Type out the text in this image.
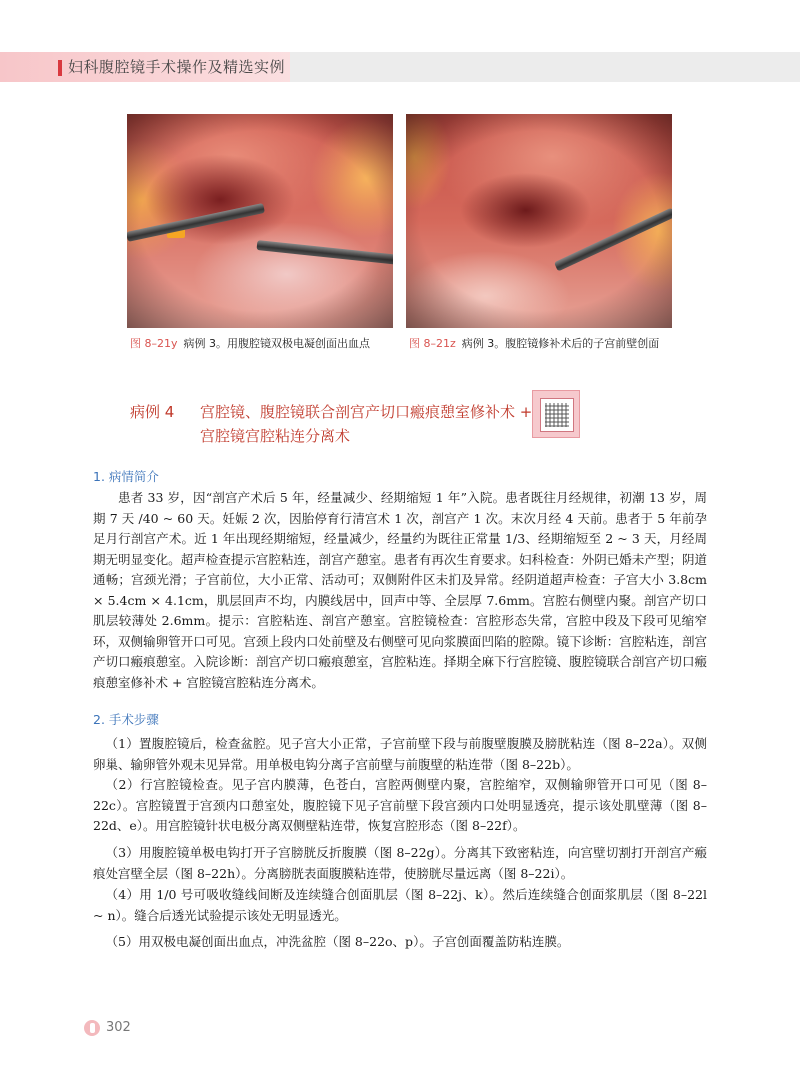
妇科腹腔镜手术操作及精选实例
图 8–21y 病例 3。用腹腔镜双极电凝创面出血点	图 8–21z 病例 3。腹腔镜修补术后的子宫前壁创面
病例 4 宫腔镜、腹腔镜联合剖宫产切口瘢痕憩室修补术 +
宫腔镜宫腔粘连分离术
1. 病情简介
患者 33 岁，因“剖宫产术后 5 年，经量减少、经期缩短 1 年”入院。患者既往月经规律，初潮 13 岁，周期 7 天 /40 ~ 60 天。妊娠 2 次，因胎停育行清宫术 1 次，剖宫产 1 次。末次月经 4 天前。患者于 5 年前孕足月行剖宫产术。近 1 年出现经期缩短，经量减少，经量约为既往正常量 1/3、经期缩短至 2 ~ 3 天，月经周期无明显变化。超声检查提示宫腔粘连，剖宫产憩室。患者有再次生育要求。妇科检查：外阴已婚未产型；阴道通畅；宫颈光滑；子宫前位，大小正常、活动可；双侧附件区未扪及异常。经阴道超声检查：子宫大小 3.8cm × 5.4cm × 4.1cm，肌层回声不均，内膜线居中，回声中等、全层厚 7.6mm。宫腔右侧壁内聚。剖宫产切口肌层较薄处 2.6mm。提示：宫腔粘连、剖宫产憩室。宫腔镜检查：宫腔形态失常，宫腔中段及下段可见缩窄环，双侧输卵管开口可见。宫颈上段内口处前壁及右侧壁可见向浆膜面凹陷的腔隙。镜下诊断：宫腔粘连，剖宫产切口瘢痕憩室。入院诊断：剖宫产切口瘢痕憩室，宫腔粘连。择期全麻下行宫腔镜、腹腔镜联合剖宫产切口瘢痕憩室修补术 + 宫腔镜宫腔粘连分离术。
2. 手术步骤
（1）置腹腔镜后，检查盆腔。见子宫大小正常，子宫前壁下段与前腹壁腹膜及膀胱粘连（图 8–22a）。双侧卵巢、输卵管外观未见异常。用单极电钩分离子宫前壁与前腹壁的粘连带（图 8–22b）。
（2）行宫腔镜检查。见子宫内膜薄，色苍白，宫腔两侧壁内聚，宫腔缩窄，双侧输卵管开口可见（图 8–22c）。宫腔镜置于宫颈内口憩室处，腹腔镜下见子宫前壁下段宫颈内口处明显透亮，提示该处肌壁薄（图 8–22d、e）。用宫腔镜针状电极分离双侧壁粘连带，恢复宫腔形态（图 8–22f）。
（3）用腹腔镜单极电钩打开子宫膀胱反折腹膜（图 8–22g）。分离其下致密粘连，向宫壁切割打开剖宫产瘢痕处宫壁全层（图 8–22h）。分离膀胱表面腹膜粘连带，使膀胱尽量远离（图 8–22i）。
（4）用 1/0 号可吸收缝线间断及连续缝合创面肌层（图 8–22j、k）。然后连续缝合创面浆肌层（图 8–22l ~ n）。缝合后透光试验提示该处无明显透光。
（5）用双极电凝创面出血点，冲洗盆腔（图 8–22o、p）。子宫创面覆盖防粘连膜。
302
